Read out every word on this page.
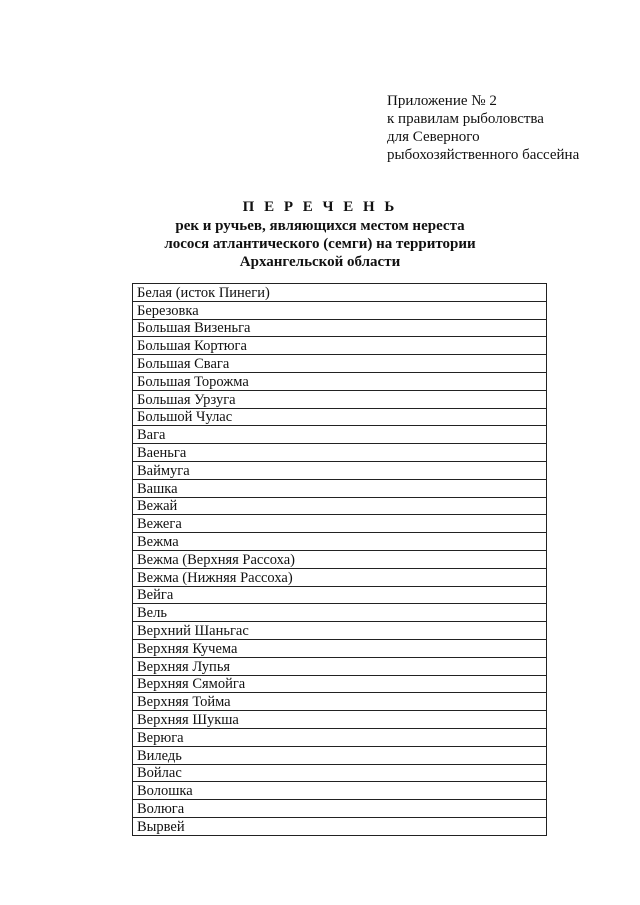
Приложение № 2
к правилам рыболовства
для Северного
рыбохозяйственного бассейна
П Е Р Е Ч Е Н Ь
рек и ручьев, являющихся местом нереста
лосося атлантического (семги) на территории
Архангельской области
Белая (исток Пинеги)
Березовка
Большая Визеньга
Большая Кортюга
Большая Свага
Большая Торожма
Большая Урзуга
Большой Чулас
Вага
Ваеньга
Ваймуга
Вашка
Вежай
Вежега
Вежма
Вежма (Верхняя Рассоха)
Вежма (Нижняя Рассоха)
Вейга
Вель
Верхний Шаньгас
Верхняя Кучема
Верхняя Лупья
Верхняя Сямойга
Верхняя Тойма
Верхняя Шукша
Верюга
Виледь
Войлас
Волошка
Волюга
Вырвей
